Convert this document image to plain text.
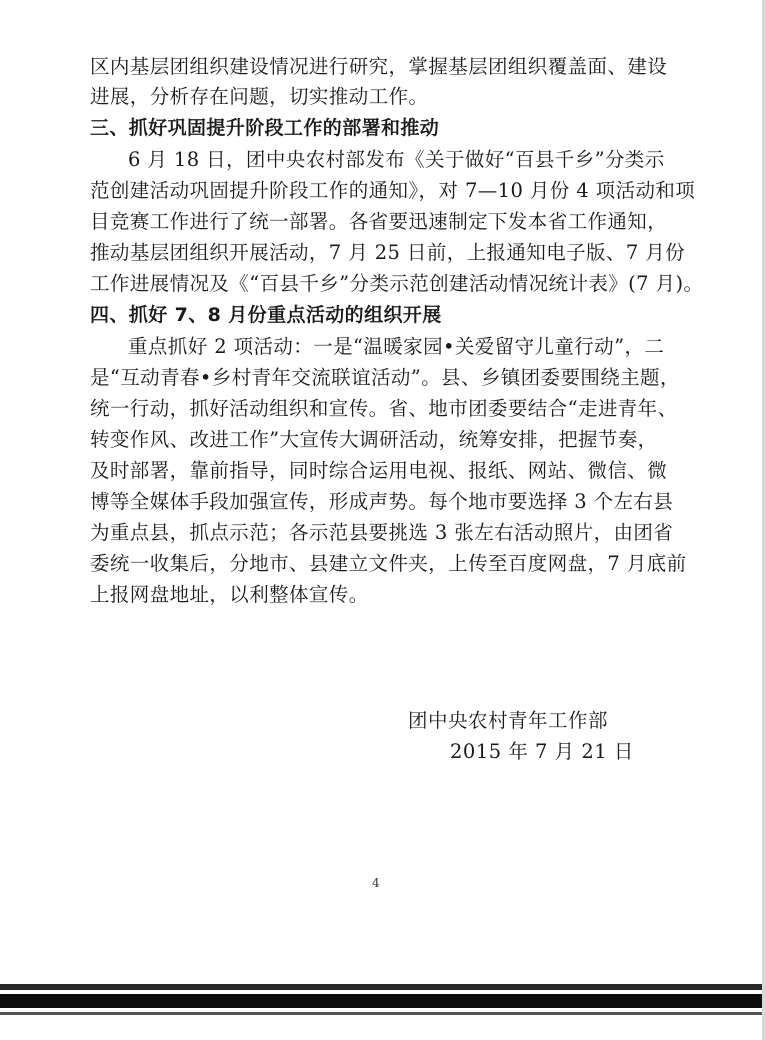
区内基层团组织建设情况进行研究，掌握基层团组织覆盖面、建设
进展，分析存在问题，切实推动工作。
三、抓好巩固提升阶段工作的部署和推动
6 月 18 日，团中央农村部发布《关于做好“百县千乡”分类示
范创建活动巩固提升阶段工作的通知》，对 7—10 月份 4 项活动和项
目竞赛工作进行了统一部署。各省要迅速制定下发本省工作通知，
推动基层团组织开展活动，7 月 25 日前，上报通知电子版、7 月份
工作进展情况及《“百县千乡”分类示范创建活动情况统计表》(7 月)。
四、抓好 7、8 月份重点活动的组织开展
重点抓好 2 项活动：一是“温暖家园•关爱留守儿童行动”，二
是“互动青春•乡村青年交流联谊活动”。县、乡镇团委要围绕主题，
统一行动，抓好活动组织和宣传。省、地市团委要结合“走进青年、
转变作风、改进工作”大宣传大调研活动，统筹安排，把握节奏，
及时部署，靠前指导，同时综合运用电视、报纸、网站、微信、微
博等全媒体手段加强宣传，形成声势。每个地市要选择 3 个左右县
为重点县，抓点示范；各示范县要挑选 3 张左右活动照片，由团省
委统一收集后，分地市、县建立文件夹，上传至百度网盘，7 月底前
上报网盘地址，以利整体宣传。
团中央农村青年工作部
2015 年 7 月 21 日
4
